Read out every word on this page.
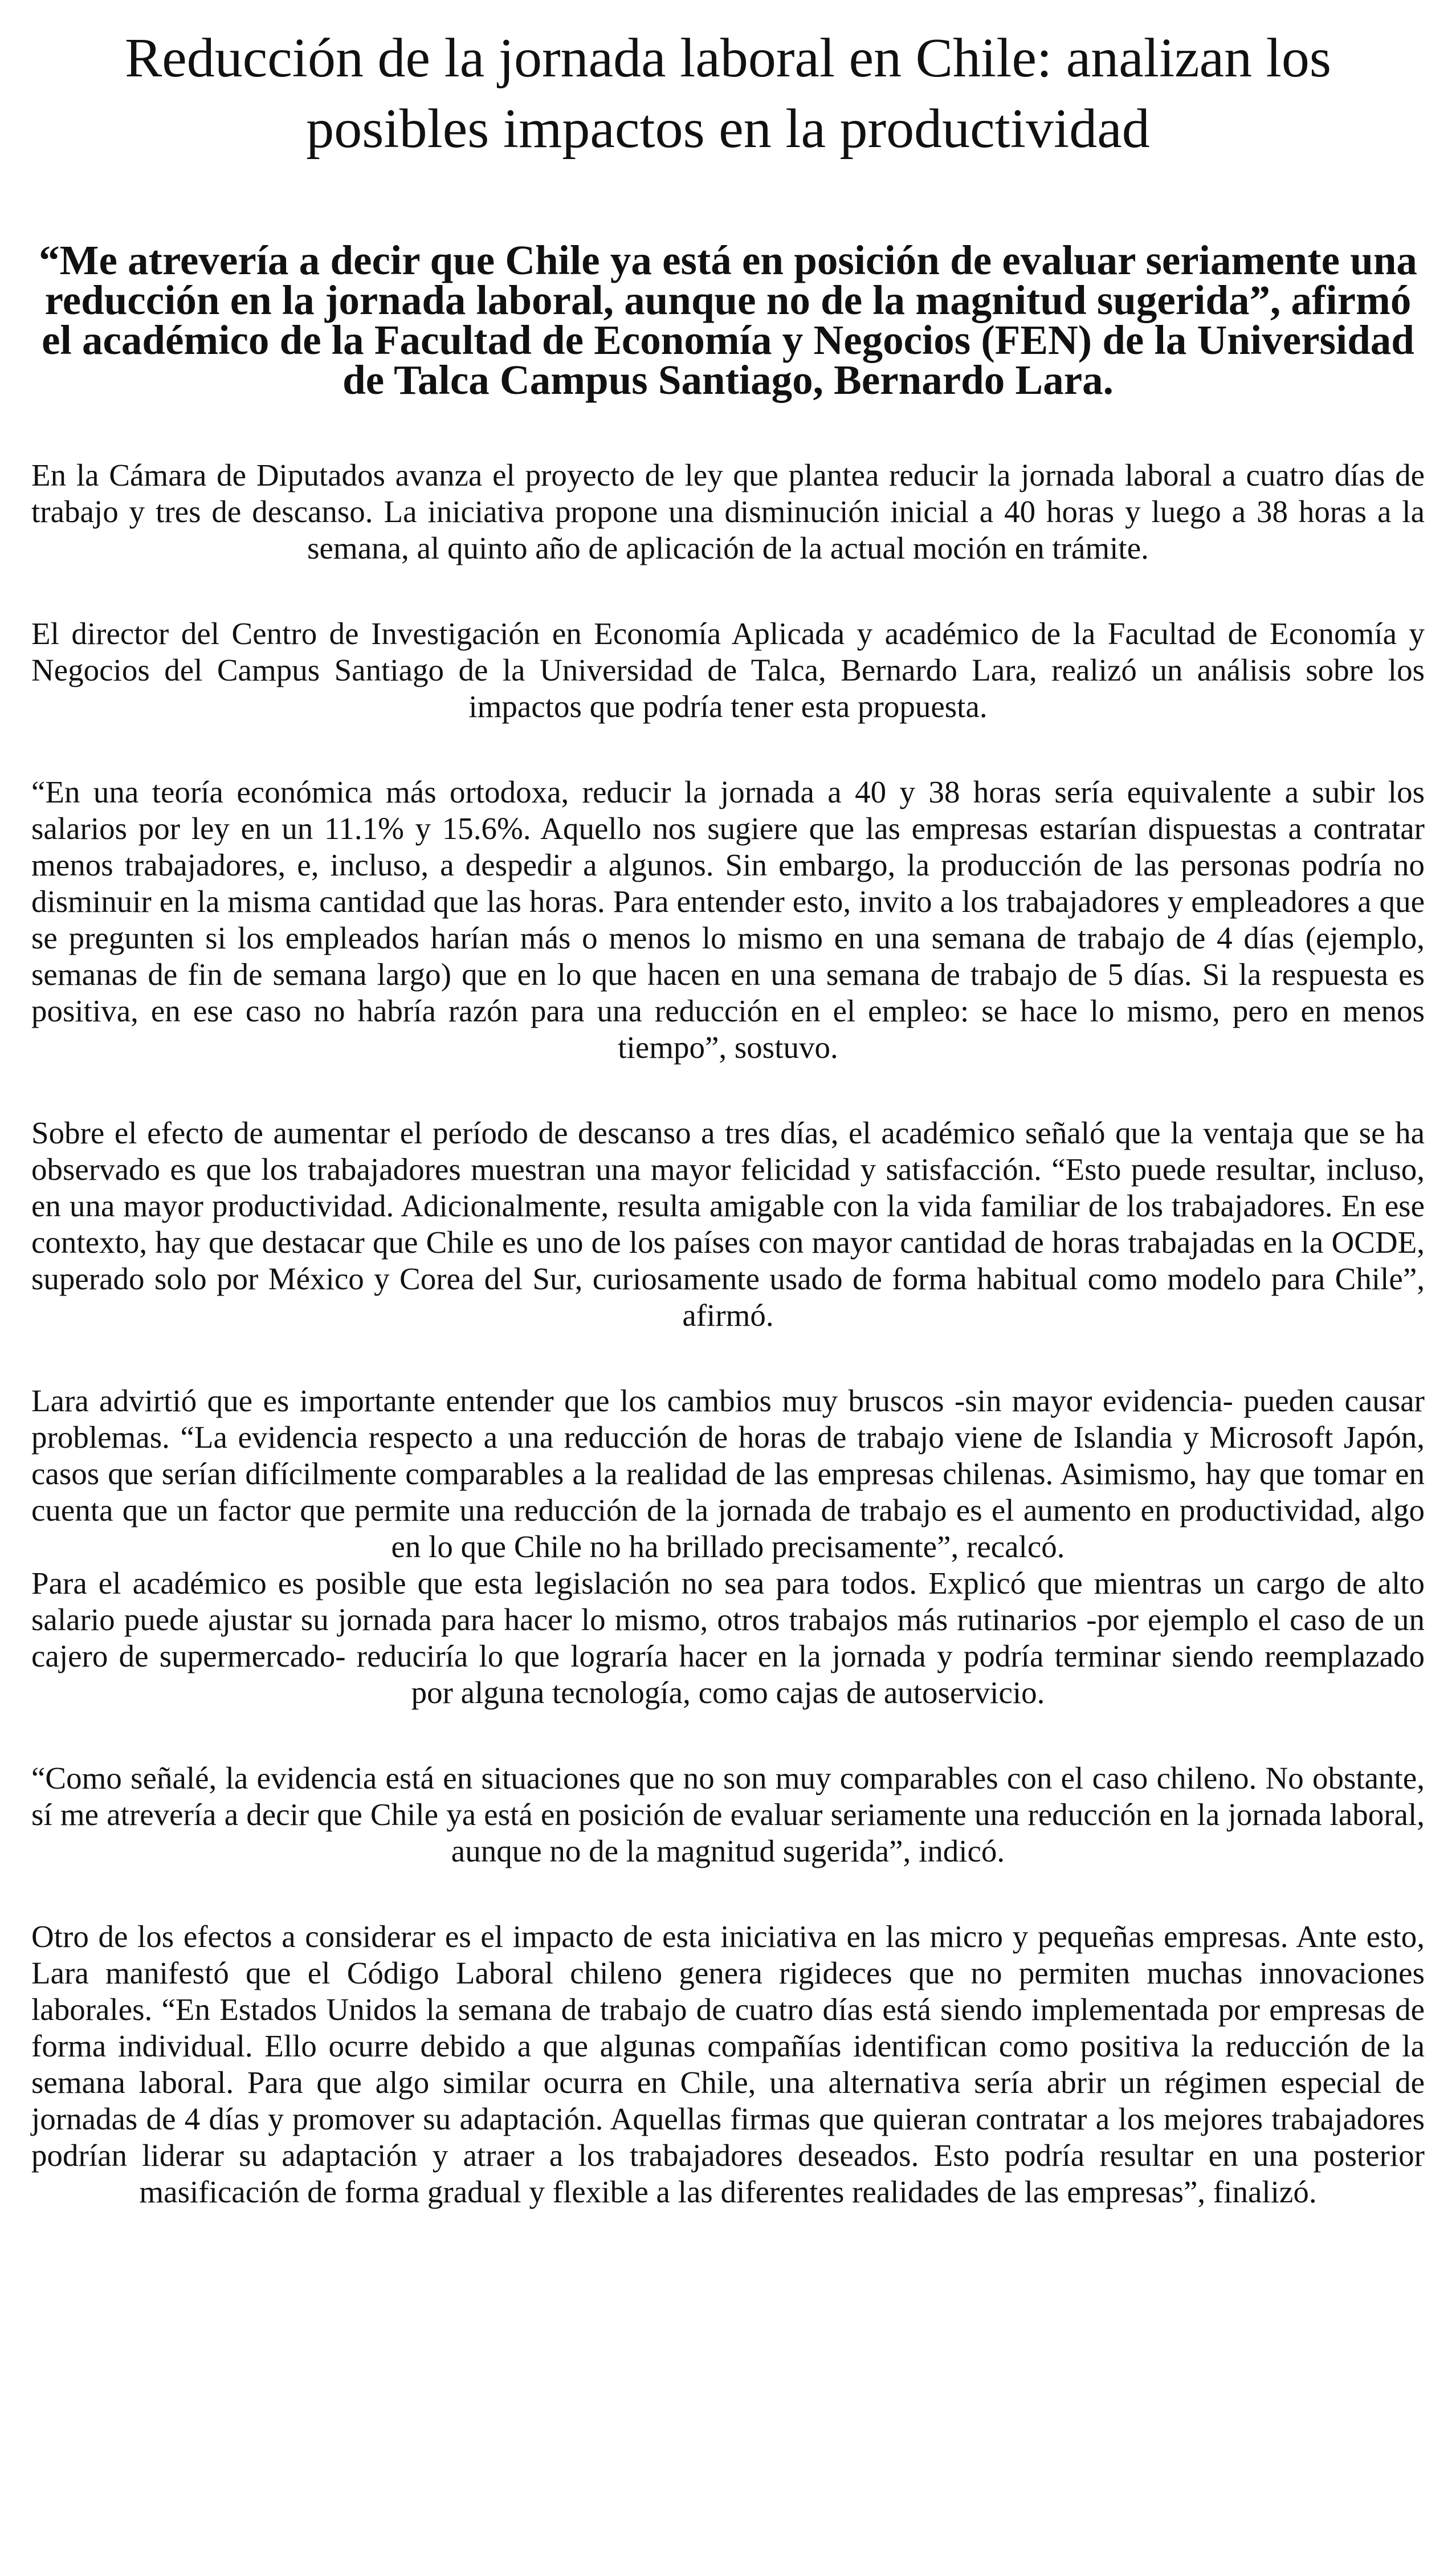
Reducción de la jornada laboral en Chile: analizan los posibles impactos en la productividad

“Me atrevería a decir que Chile ya está en posición de evaluar seriamente una reducción en la jornada laboral, aunque no de la magnitud sugerida”, afirmó el académico de la Facultad de Economía y Negocios (FEN) de la Universidad de Talca Campus Santiago, Bernardo Lara.

En la Cámara de Diputados avanza el proyecto de ley que plantea reducir la jornada laboral a cuatro días de trabajo y tres de descanso. La iniciativa propone una disminución inicial a 40 horas y luego a 38 horas a la semana, al quinto año de aplicación de la actual moción en trámite.

El director del Centro de Investigación en Economía Aplicada y académico de la Facultad de Economía y Negocios del Campus Santiago de la Universidad de Talca, Bernardo Lara, realizó un análisis sobre los impactos que podría tener esta propuesta.

“En una teoría económica más ortodoxa, reducir la jornada a 40 y 38 horas sería equivalente a subir los salarios por ley en un 11.1% y 15.6%. Aquello nos sugiere que las empresas estarían dispuestas a contratar menos trabajadores, e, incluso, a despedir a algunos. Sin embargo, la producción de las personas podría no disminuir en la misma cantidad que las horas. Para entender esto, invito a los trabajadores y empleadores a que se pregunten si los empleados harían más o menos lo mismo en una semana de trabajo de 4 días (ejemplo, semanas de fin de semana largo) que en lo que hacen en una semana de trabajo de 5 días. Si la respuesta es positiva, en ese caso no habría razón para una reducción en el empleo: se hace lo mismo, pero en menos tiempo”, sostuvo.

Sobre el efecto de aumentar el período de descanso a tres días, el académico señaló que la ventaja que se ha observado es que los trabajadores muestran una mayor felicidad y satisfacción. “Esto puede resultar, incluso, en una mayor productividad. Adicionalmente, resulta amigable con la vida familiar de los trabajadores. En ese contexto, hay que destacar que Chile es uno de los países con mayor cantidad de horas trabajadas en la OCDE, superado solo por México y Corea del Sur, curiosamente usado de forma habitual como modelo para Chile”, afirmó.

Lara advirtió que es importante entender que los cambios muy bruscos -sin mayor evidencia- pueden causar problemas. “La evidencia respecto a una reducción de horas de trabajo viene de Islandia y Microsoft Japón, casos que serían difícilmente comparables a la realidad de las empresas chilenas. Asimismo, hay que tomar en cuenta que un factor que permite una reducción de la jornada de trabajo es el aumento en productividad, algo en lo que Chile no ha brillado precisamente”, recalcó.

Para el académico es posible que esta legislación no sea para todos. Explicó que mientras un cargo de alto salario puede ajustar su jornada para hacer lo mismo, otros trabajos más rutinarios -por ejemplo el caso de un cajero de supermercado- reduciría lo que lograría hacer en la jornada y podría terminar siendo reemplazado por alguna tecnología, como cajas de autoservicio.

“Como señalé, la evidencia está en situaciones que no son muy comparables con el caso chileno. No obstante, sí me atrevería a decir que Chile ya está en posición de evaluar seriamente una reducción en la jornada laboral, aunque no de la magnitud sugerida”, indicó.

Otro de los efectos a considerar es el impacto de esta iniciativa en las micro y pequeñas empresas. Ante esto, Lara manifestó que el Código Laboral chileno genera rigideces que no permiten muchas innovaciones laborales. “En Estados Unidos la semana de trabajo de cuatro días está siendo implementada por empresas de forma individual. Ello ocurre debido a que algunas compañías identifican como positiva la reducción de la semana laboral. Para que algo similar ocurra en Chile, una alternativa sería abrir un régimen especial de jornadas de 4 días y promover su adaptación. Aquellas firmas que quieran contratar a los mejores trabajadores podrían liderar su adaptación y atraer a los trabajadores deseados. Esto podría resultar en una posterior masificación de forma gradual y flexible a las diferentes realidades de las empresas”, finalizó.
